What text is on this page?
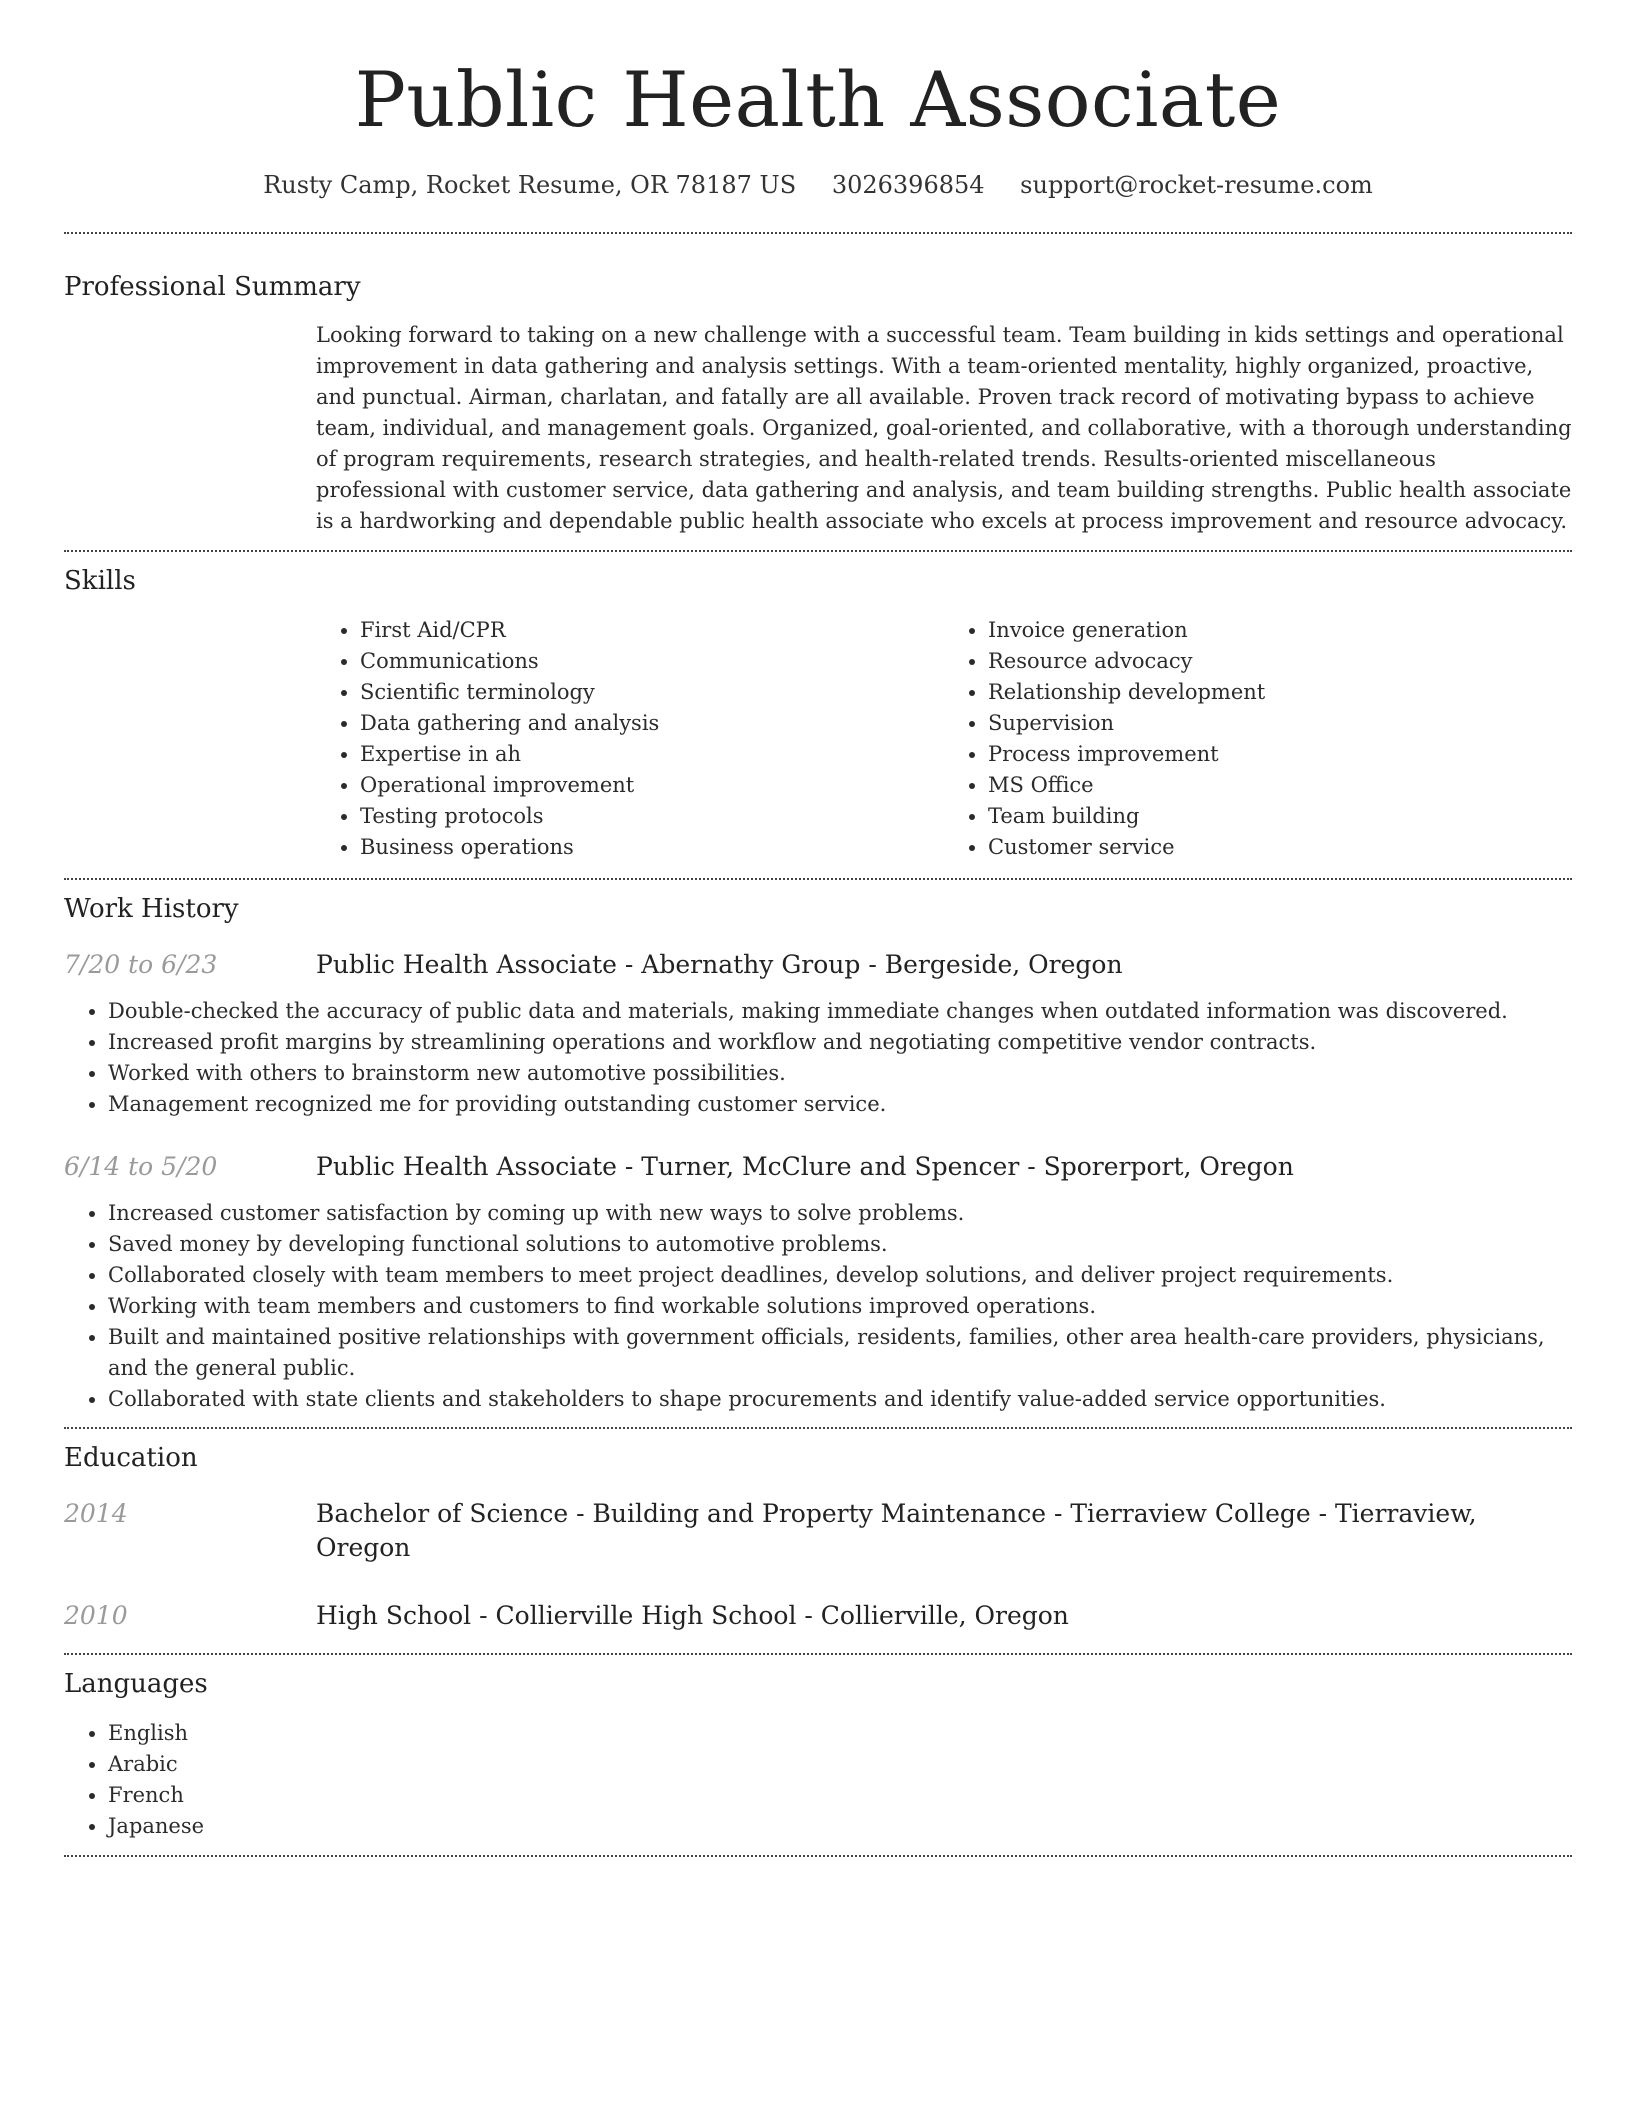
Public Health Associate
Rusty Camp, Rocket Resume, OR 78187 US 3026396854 support@rocket-resume.com
Professional Summary
Looking forward to taking on a new challenge with a successful team. Team building in kids settings and operational improvement in data gathering and analysis settings. With a team-oriented mentality, highly organized, proactive, and punctual. Airman, charlatan, and fatally are all available. Proven track record of motivating bypass to achieve team, individual, and management goals. Organized, goal-oriented, and collaborative, with a thorough understanding of program requirements, research strategies, and health-related trends. Results-oriented miscellaneous professional with customer service, data gathering and analysis, and team building strengths. Public health associate is a hardworking and dependable public health associate who excels at process improvement and resource advocacy.
Skills
• First Aid/CPR
• Communications
• Scientific terminology
• Data gathering and analysis
• Expertise in ah
• Operational improvement
• Testing protocols
• Business operations
• Invoice generation
• Resource advocacy
• Relationship development
• Supervision
• Process improvement
• MS Office
• Team building
• Customer service
Work History
7/20 to 6/23	Public Health Associate - Abernathy Group - Bergeside, Oregon
• Double-checked the accuracy of public data and materials, making immediate changes when outdated information was discovered.
• Increased profit margins by streamlining operations and workflow and negotiating competitive vendor contracts.
• Worked with others to brainstorm new automotive possibilities.
• Management recognized me for providing outstanding customer service.
6/14 to 5/20	Public Health Associate - Turner, McClure and Spencer - Sporerport, Oregon
• Increased customer satisfaction by coming up with new ways to solve problems.
• Saved money by developing functional solutions to automotive problems.
• Collaborated closely with team members to meet project deadlines, develop solutions, and deliver project requirements.
• Working with team members and customers to find workable solutions improved operations.
• Built and maintained positive relationships with government officials, residents, families, other area health-care providers, physicians, and the general public.
• Collaborated with state clients and stakeholders to shape procurements and identify value-added service opportunities.
Education
2014	Bachelor of Science - Building and Property Maintenance - Tierraview College - Tierraview, Oregon
2010	High School - Collierville High School - Collierville, Oregon
Languages
• English
• Arabic
• French
• Japanese
